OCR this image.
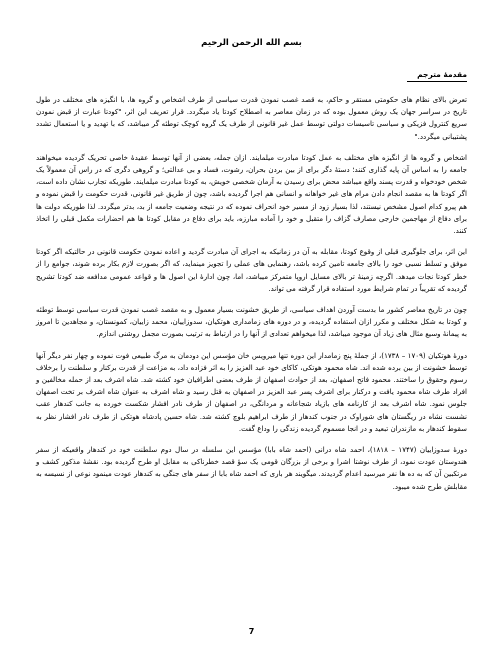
بسم الله الرحمن الرحیم
مقدمهٔ مترجم

تعرض بالای نظام های حکومتی مستقر و حاکم، به قصد غصب نمودن قدرت سیاسی از طرف اشخاص و گروه ها، با انگیزه های مختلف در طول تاریخ در سراسر جهان یک روش معمول بوده که در زمان معاصر به اصطلاح کودتا یاد میگردد. قرار تعریف این اثر، "کودتا عبارت از قبض نمودن سریع کنترول فزیکی و سیاسی تاسیسات دولتی توسط عمل غیر قانونی از طرف یک گروه کوچک توطئه گر میباشد، که با تهدید و یا استعمال تشدد پشتیبانی میگردد."

اشخاص و گروه ها از انگیزه های مختلف به عمل کودتا مبادرت میلمایند. ازان جمله، بعضی از آنها توسط عقیدهٔ خاصی تحریک گردیده میخواهند جامعه را به اساس آن پایه گذاری کنند؛ دستهٔ دگر برای از بین بردن بحران، رشوت، فساد و بی عدالتی؛ و گروهی دگری که در راس آن معمولاً یک شخص خودخواه و قدرت پسند واقع میباشد محض برای رسیدن به آرمان شخصی خویش، به کودتا مبادرت میلمایند. طوریکه تجارب نشان داده است، اگر کودتا ها به مقصد انجام دادن مرام های غیر خواهانه و انسانی هم اجرا گردیده باشد، چون از طریق غیر قانونی، قدرت حکومت را قبض نموده و هم پیرو کدام اصول مشخص نیستند، لذا بسیار زود از مسیر خود انحراف نموده که در نتیجه وضعیت جامعه از بد، بدتر میگردد. لذا طوریکه دولت ها برای دفاع از مهاجمین خارجی مصارف گزاف را متقبل و خود را آماده مبارزه، باید برای دفاع در مقابل کودتا ها هم احضارات مکمل قبلی را اتخاذ کنند.

این اثر، برای جلوگیری قبلی از وقوع کودتا، مقابله به آن در زمانیکه به اجرای آن مبادرت گردید و اعاده نمودن حکومت قانونی در حالتیکه اگر کودتا موفق و تسلط نسبی خود را بالای جامعه تامین کرده باشد، رهنمایی های عملی را تجویز مینماید، که اگر بصورت لازم بکار برده شوند، جوامع را از خطر کودتا نجات میدهد. اگرچه زمینهٔ تر بالای مسایل اروپا متمرکز میباشد، اما، چون ادارهٔ این اصول ها و قواعد عمومی مدافعه ضد کودتا تشریح گردیده که تقریباً در تمام شرایط مورد استفاده قرار گرفته می تواند.

چون در تاریخ معاصر کشور ما بدست آوردن اهداف سیاسی، از طریق خشونت بسیار معمول و به مقصد غصب نمودن قدرت سیاسی توسط توطئه و کودتا به شکل مختلف و مکرر ازان استفاده گردیده، و در دوره های زمامداری هوتکیان، سدوزاییان، محمد زاییان، کمونستان، و مجاهدین تا امروز به پیمانهٔ وسیع مثال های زیاد آن موجود میباشد، لذا میخواهم تعدادی از آنها را در ارتباط به ترتیب بصورت مجمل روشنی اندازم.

دورهٔ هوتکیان (۱۷۰۹ – ۱۷۳۸)، از جملهٔ پنج زمامدار این دوره تنها میرویس خان مؤسس این دودمان به مرگ طبیعی فوت نموده و چهار نفر دیگر آنها توسط خشونت از بین برده شده اند. شاه محمود هوتکی، کاکای خود عبد العزیز را به اثر فزاده داد، به مزاعت از قدرت برکنار و سلطنت را برخلاف رسوم وحقوق را ساختند. محمود فاتح اصفهان، بعد از حوادث اصفهان از طرف بعضی اطرافیان خود کشته شد. شاه اشرف بعد از حمله مخالفین و افراد طرف شاه محمود یافت و درکنار برای اشرف پسر عبد العزیز در اصفهان به قتل رسید و شاه اشرف به عنوان شاه اشرف بر تخت اصفهان جلوس نمود. شاه اشرف بعد از کارنامه های بازیاد شجاعانه و مردانگی، در اصفهان از طرف نادر افشار شکست خورده به جانب کندهار عقب نشست نشاه در ریگستان های شوراوک در جنوب کندهار از طرف ابراهیم بلوچ کشته شد. شاه حسین پادشاه هوتکی از طرف نادر افشار نظر به سقوط کندهار به مازندران تبعید و در انجا مسموم گردیده زندگی را وداع گفت.

دورهٔ سدوزاییان (۱۷۴۷ – ۱۸۱۸)، احمد شاه درانی (احمد شاه بابا) مؤسس این سلسله در سال دوم سلطنت خود در کندهار واقعیکه از سفر هندوستان عودت نمود، از طرف نوشتا اشرا و برخی از بزرگان قومی یک سؤ قصد خطرناکی به مقابل او طرح گردیده بود. نقشهٔ مذکور کشف و مرتکبین آن که به ده ها نفر میرسید اعدام گردیدند. میگویند هر باری که احمد شاه بابا از سفر های جنگی به کندهار عودت مینمود نوعی از نسیسه به مقابلش طرح شده میبود.

7
